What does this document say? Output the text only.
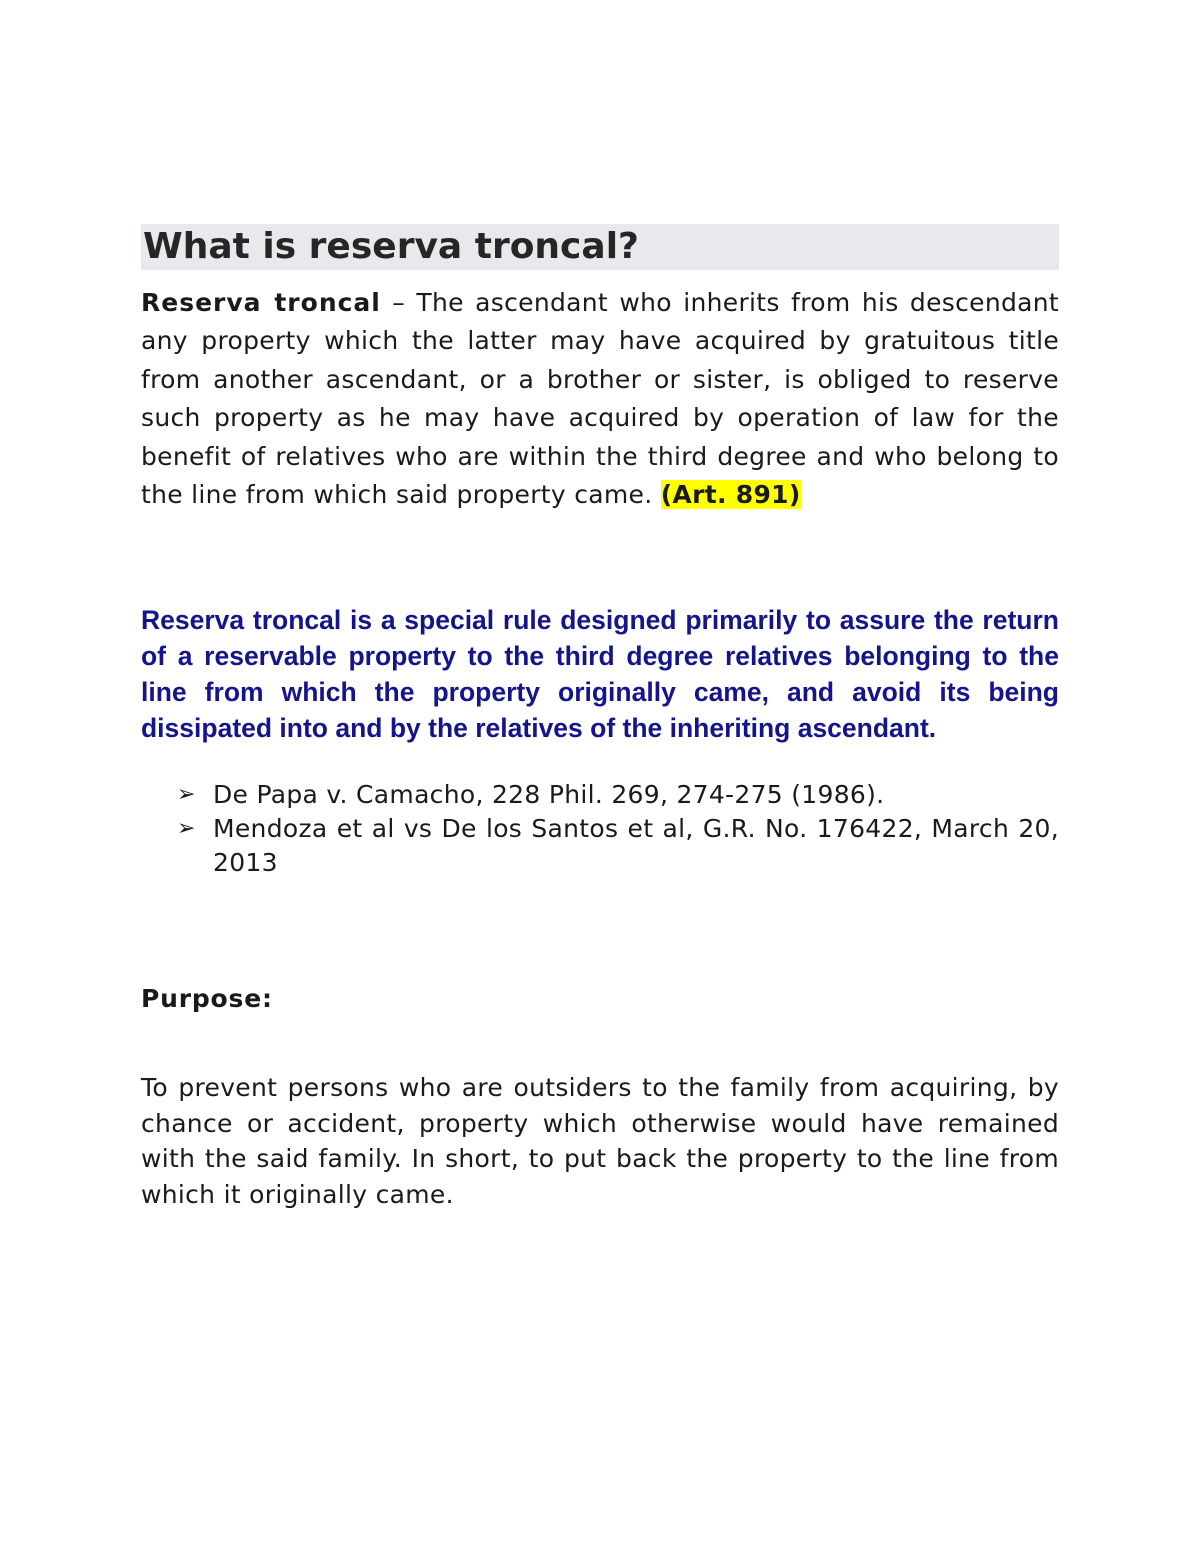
What is reserva troncal?

Reserva troncal – The ascendant who inherits from his descendant any property which the latter may have acquired by gratuitous title from another ascendant, or a brother or sister, is obliged to reserve such property as he may have acquired by operation of law for the benefit of relatives who are within the third degree and who belong to the line from which said property came. (Art. 891)

Reserva troncal is a special rule designed primarily to assure the return of a reservable property to the third degree relatives belonging to the line from which the property originally came, and avoid its being dissipated into and by the relatives of the inheriting ascendant.

➢ De Papa v. Camacho, 228 Phil. 269, 274-275 (1986).
➢ Mendoza et al vs De los Santos et al, G.R. No. 176422, March 20, 2013

Purpose:

To prevent persons who are outsiders to the family from acquiring, by chance or accident, property which otherwise would have remained with the said family. In short, to put back the property to the line from which it originally came.
